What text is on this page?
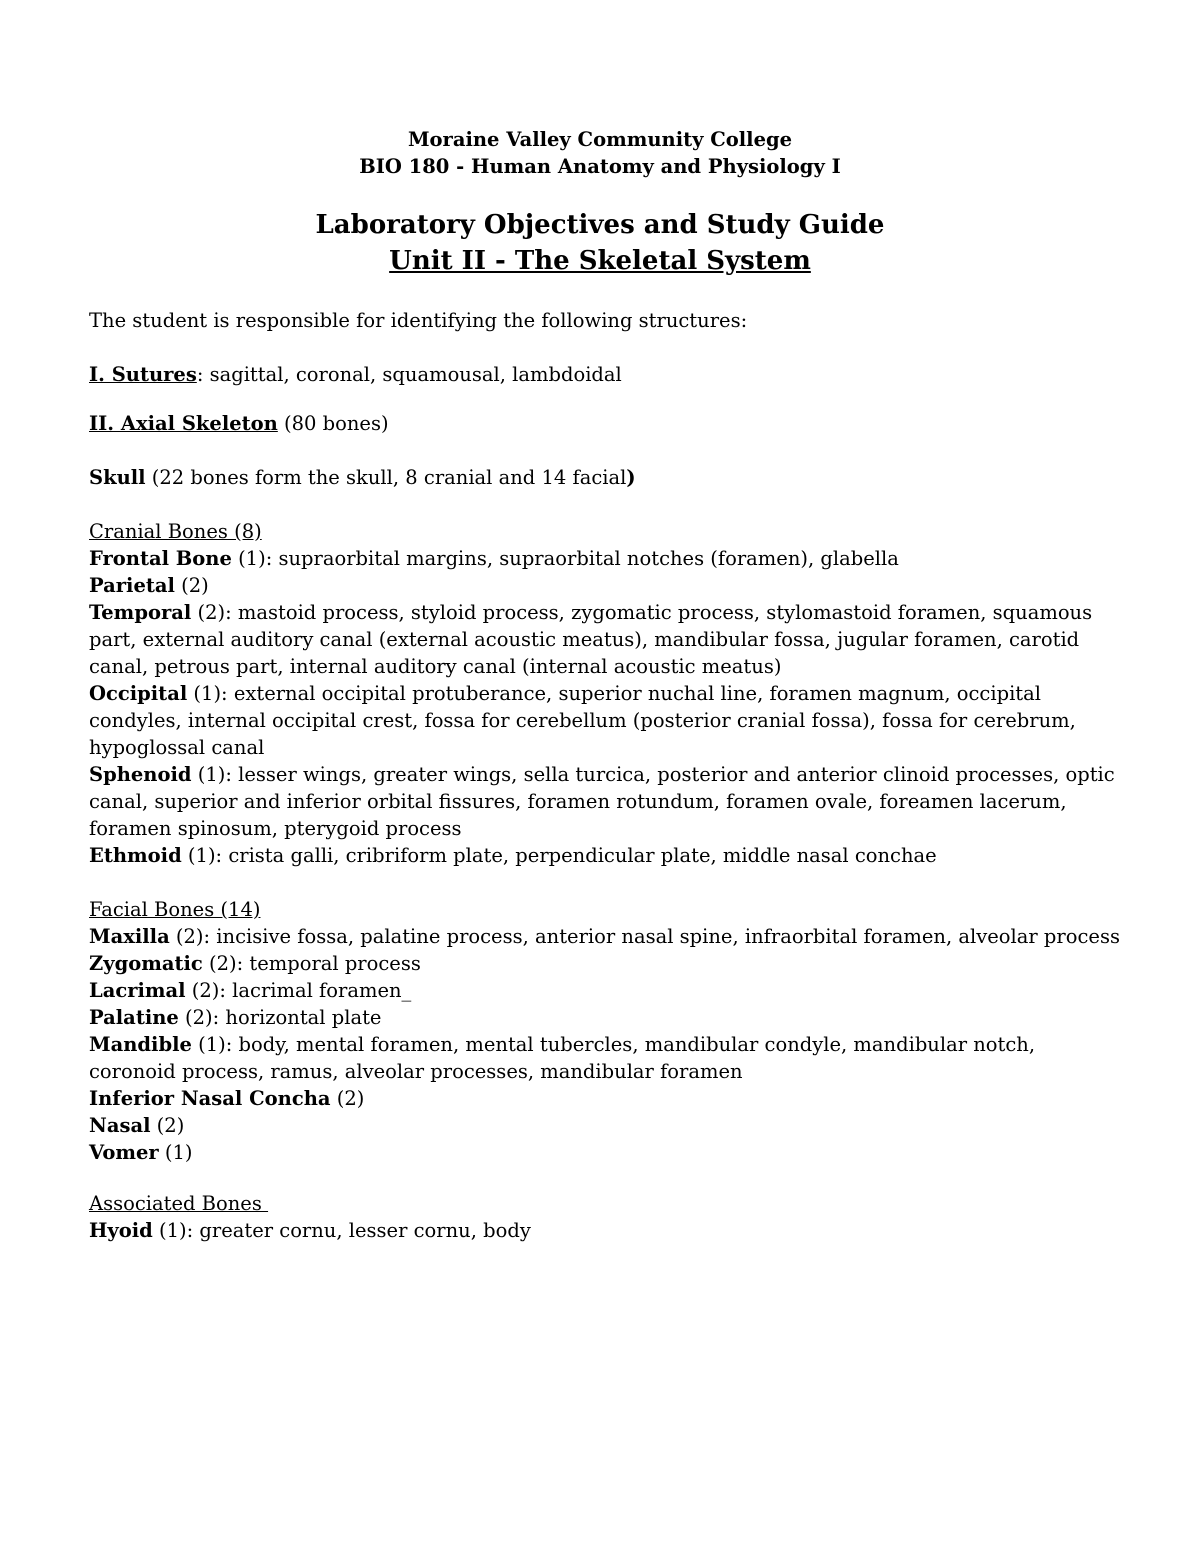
Moraine Valley Community College
BIO 180 - Human Anatomy and Physiology I
Laboratory Objectives and Study Guide
Unit II - The Skeletal System
The student is responsible for identifying the following structures:
I. Sutures: sagittal, coronal, squamousal, lambdoidal
II. Axial Skeleton (80 bones)
Skull (22 bones form the skull, 8 cranial and 14 facial)
Cranial Bones (8)
Frontal Bone (1): supraorbital margins, supraorbital notches (foramen), glabella
Parietal (2)
Temporal (2): mastoid process, styloid process, zygomatic process, stylomastoid foramen, squamous
part, external auditory canal (external acoustic meatus), mandibular fossa, jugular foramen, carotid
canal, petrous part, internal auditory canal (internal acoustic meatus)
Occipital (1): external occipital protuberance, superior nuchal line, foramen magnum, occipital
condyles, internal occipital crest, fossa for cerebellum (posterior cranial fossa), fossa for cerebrum,
hypoglossal canal
Sphenoid (1): lesser wings, greater wings, sella turcica, posterior and anterior clinoid processes, optic
canal, superior and inferior orbital fissures, foramen rotundum, foramen ovale, foreamen lacerum,
foramen spinosum, pterygoid process
Ethmoid (1): crista galli, cribriform plate, perpendicular plate, middle nasal conchae
Facial Bones (14)
Maxilla (2): incisive fossa, palatine process, anterior nasal spine, infraorbital foramen, alveolar process
Zygomatic (2): temporal process
Lacrimal (2): lacrimal foramen_
Palatine (2): horizontal plate
Mandible (1): body, mental foramen, mental tubercles, mandibular condyle, mandibular notch,
coronoid process, ramus, alveolar processes, mandibular foramen
Inferior Nasal Concha (2)
Nasal (2)
Vomer (1)
Associated Bones
Hyoid (1): greater cornu, lesser cornu, body
